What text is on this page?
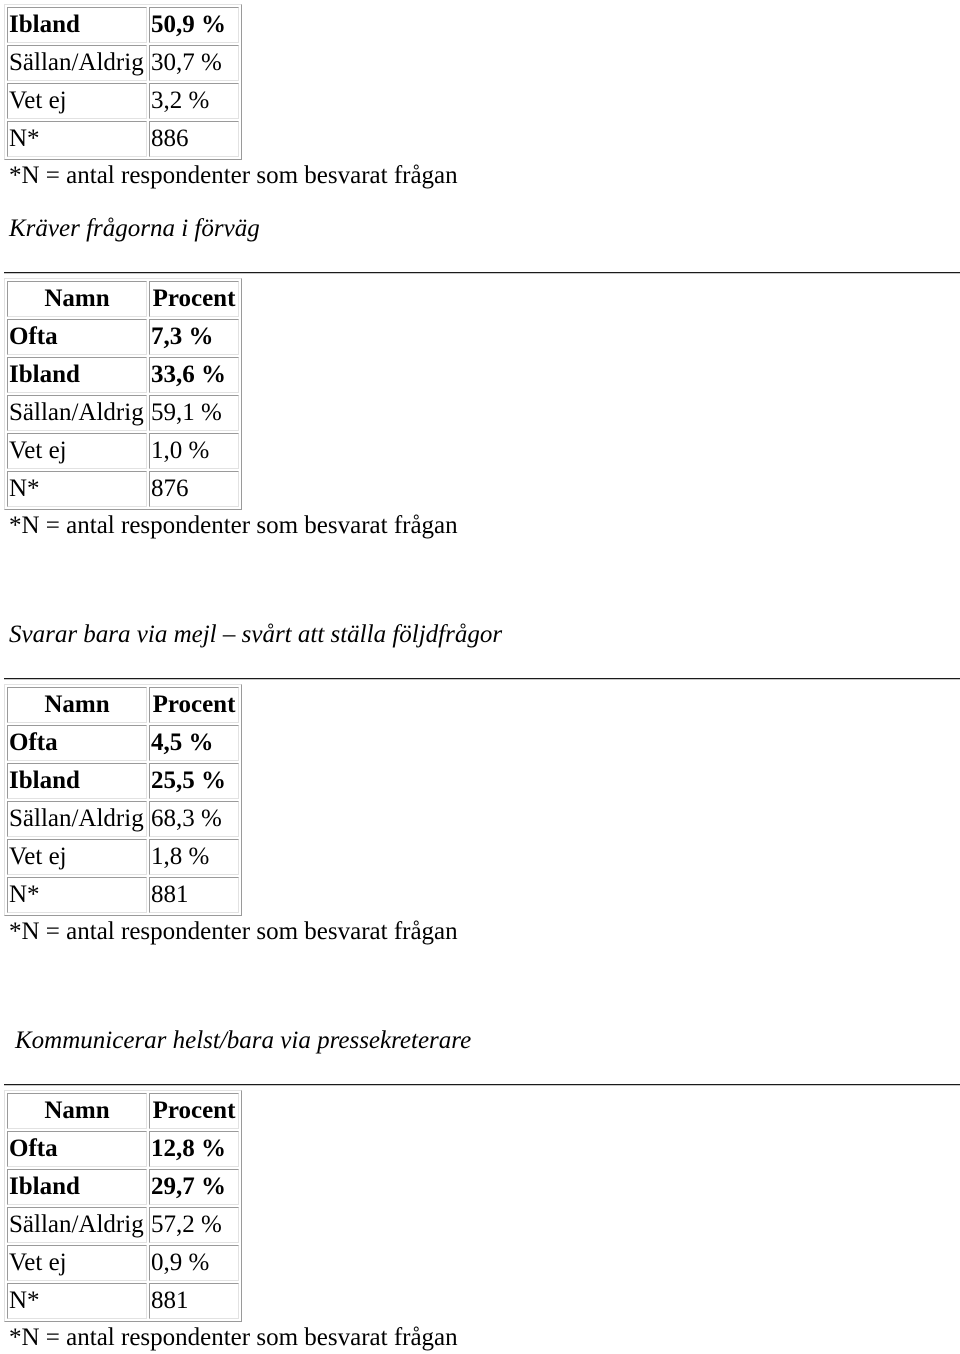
Ibland	50,9 %
Sällan/Aldrig	30,7 %
Vet ej	3,2 %
N*	886
*N = antal respondenter som besvarat frågan
Kräver frågorna i förväg
Namn	Procent
Ofta	7,3 %
Ibland	33,6 %
Sällan/Aldrig	59,1 %
Vet ej	1,0 %
N*	876
*N = antal respondenter som besvarat frågan
Svarar bara via mejl – svårt att ställa följdfrågor
Namn	Procent
Ofta	4,5 %
Ibland	25,5 %
Sällan/Aldrig	68,3 %
Vet ej	1,8 %
N*	881
*N = antal respondenter som besvarat frågan
Kommunicerar helst/bara via pressekreterare
Namn	Procent
Ofta	12,8 %
Ibland	29,7 %
Sällan/Aldrig	57,2 %
Vet ej	0,9 %
N*	881
*N = antal respondenter som besvarat frågan
